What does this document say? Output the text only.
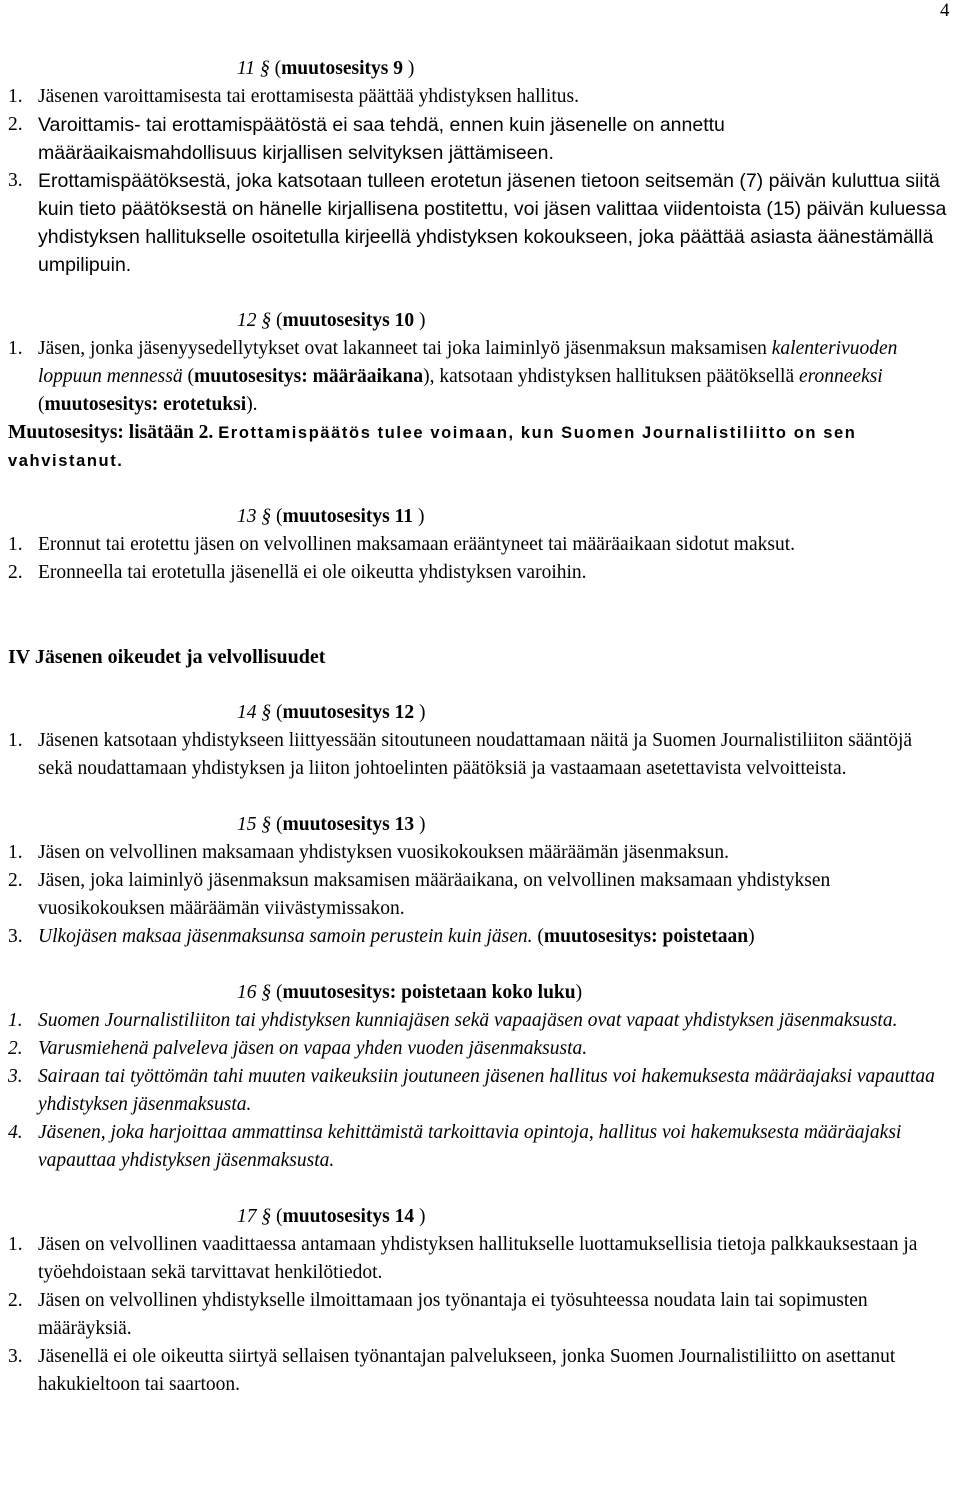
4
11 § (muutosesitys 9 )
1. Jäsenen varoittamisesta tai erottamisesta päättää yhdistyksen hallitus.
2. Varoittamis- tai erottamispäätöstä ei saa tehdä, ennen kuin jäsenelle on annettu määräaikaismahdollisuus kirjallisen selvityksen jättämiseen.
3. Erottamispäätöksestä, joka katsotaan tulleen erotetun jäsenen tietoon seitsemän (7) päivän kuluttua siitä kuin tieto päätöksestä on hänelle kirjallisena postitettu, voi jäsen valittaa viidentoista (15) päivän kuluessa yhdistyksen hallitukselle osoitetulla kirjeellä yhdistyksen kokoukseen, joka päättää asiasta äänestämällä umpilipuin.
12 § (muutosesitys 10 )
1. Jäsen, jonka jäsenyysedellytykset ovat lakanneet tai joka laiminlyö jäsenmaksun maksamisen kalenterivuoden loppuun mennessä (muutosesitys: määräaikana), katsotaan yhdistyksen hallituksen päätöksellä eronneeksi (muutosesitys: erotetuksi).
Muutosesitys: lisätään 2. Erottamispäätös tulee voimaan, kun Suomen Journalistiliitto on sen vahvistanut.
13 § (muutosesitys 11 )
1. Eronnut tai erotettu jäsen on velvollinen maksamaan erääntyneet tai määräaikaan sidotut maksut.
2. Eronneella tai erotetulla jäsenellä ei ole oikeutta yhdistyksen varoihin.
IV Jäsenen oikeudet ja velvollisuudet
14 § (muutosesitys 12 )
1. Jäsenen katsotaan yhdistykseen liittyessään sitoutuneen noudattamaan näitä ja Suomen Journalistiliiton sääntöjä sekä noudattamaan yhdistyksen ja liiton johtoelinten päätöksiä ja vastaamaan asetettavista velvoitteista.
15 § (muutosesitys 13 )
1. Jäsen on velvollinen maksamaan yhdistyksen vuosikokouksen määräämän jäsenmaksun.
2. Jäsen, joka laiminlyö jäsenmaksun maksamisen määräaikana, on velvollinen maksamaan yhdistyksen vuosikokouksen määräämän viivästymissakon.
3. Ulkojäsen maksaa jäsenmaksunsa samoin perustein kuin jäsen. (muutosesitys: poistetaan)
16 § (muutosesitys: poistetaan koko luku)
1. Suomen Journalistiliiton tai yhdistyksen kunniajäsen sekä vapaajäsen ovat vapaat yhdistyksen jäsenmaksusta.
2. Varusmiehenä palveleva jäsen on vapaa yhden vuoden jäsenmaksusta.
3. Sairaan tai työttömän tahi muuten vaikeuksiin joutuneen jäsenen hallitus voi hakemuksesta määräajaksi vapauttaa yhdistyksen jäsenmaksusta.
4. Jäsenen, joka harjoittaa ammattinsa kehittämistä tarkoittavia opintoja, hallitus voi hakemuksesta määräajaksi vapauttaa yhdistyksen jäsenmaksusta.
17 § (muutosesitys 14 )
1. Jäsen on velvollinen vaadittaessa antamaan yhdistyksen hallitukselle luottamuksellisia tietoja palkkauksestaan ja työehdoistaan sekä tarvittavat henkilötiedot.
2. Jäsen on velvollinen yhdistykselle ilmoittamaan jos työnantaja ei työsuhteessa noudata lain tai sopimusten määräyksiä.
3. Jäsenellä ei ole oikeutta siirtyä sellaisen työnantajan palvelukseen, jonka Suomen Journalistiliitto on asettanut hakukieltoon tai saartoon.
